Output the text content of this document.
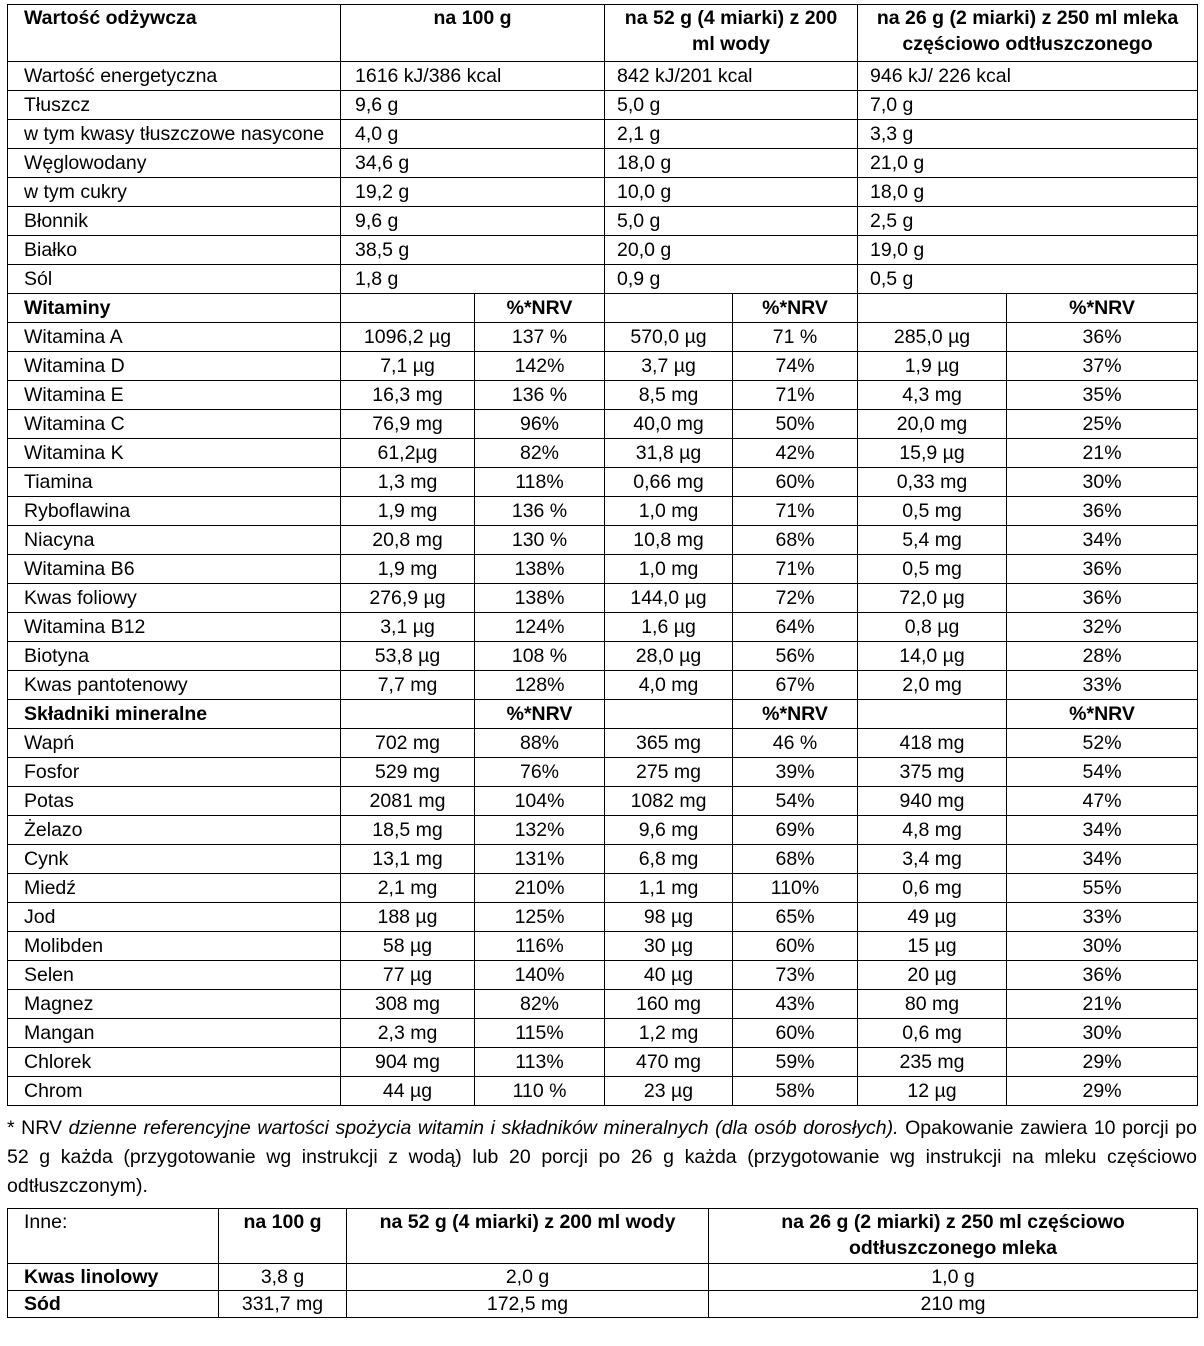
Wartość odżywcza	na 100 g		na 52 g (4 miarki) z 200 ml wody		na 26 g (2 miarki) z 250 ml mleka częściowo odtłuszczonego	
Wartość energetyczna	1616 kJ/386 kcal		842 kJ/201 kcal		946 kJ/ 226 kcal	
Tłuszcz	9,6 g		5,0 g		7,0 g	
w tym kwasy tłuszczowe nasycone	4,0 g		2,1 g		3,3 g	
Węglowodany	34,6 g		18,0 g		21,0 g	
w tym cukry	19,2 g		10,0 g		18,0 g	
Błonnik	9,6 g		5,0 g		2,5 g	
Białko	38,5 g		20,0 g		19,0 g	
Sól	1,8 g		0,9 g		0,5 g	
Witaminy		%*NRV		%*NRV		%*NRV
Witamina A	1096,2 µg	137 %	570,0 µg	71 %	285,0 µg	36%
Witamina D	7,1 µg	142%	3,7 µg	74%	1,9 µg	37%
Witamina E	16,3 mg	136 %	8,5 mg	71%	4,3 mg	35%
Witamina C	76,9 mg	96%	40,0 mg	50%	20,0 mg	25%
Witamina K	61,2µg	82%	31,8 µg	42%	15,9 µg	21%
Tiamina	1,3 mg	118%	0,66 mg	60%	0,33 mg	30%
Ryboflawina	1,9 mg	136 %	1,0 mg	71%	0,5 mg	36%
Niacyna	20,8 mg	130 %	10,8 mg	68%	5,4 mg	34%
Witamina B6	1,9 mg	138%	1,0 mg	71%	0,5 mg	36%
Kwas foliowy	276,9 µg	138%	144,0 µg	72%	72,0 µg	36%
Witamina B12	3,1 µg	124%	1,6 µg	64%	0,8 µg	32%
Biotyna	53,8 µg	108 %	28,0 µg	56%	14,0 µg	28%
Kwas pantotenowy	7,7 mg	128%	4,0 mg	67%	2,0 mg	33%
Składniki mineralne		%*NRV		%*NRV		%*NRV
Wapń	702 mg	88%	365 mg	46 %	418 mg	52%
Fosfor	529 mg	76%	275 mg	39%	375 mg	54%
Potas	2081 mg	104%	1082 mg	54%	940 mg	47%
Żelazo	18,5 mg	132%	9,6 mg	69%	4,8 mg	34%
Cynk	13,1 mg	131%	6,8 mg	68%	3,4 mg	34%
Miedź	2,1 mg	210%	1,1 mg	110%	0,6 mg	55%
Jod	188 µg	125%	98 µg	65%	49 µg	33%
Molibden	58 µg	116%	30 µg	60%	15 µg	30%
Selen	77 µg	140%	40 µg	73%	20 µg	36%
Magnez	308 mg	82%	160 mg	43%	80 mg	21%
Mangan	2,3 mg	115%	1,2 mg	60%	0,6 mg	30%
Chlorek	904 mg	113%	470 mg	59%	235 mg	29%
Chrom	44 µg	110 %	23 µg	58%	12 µg	29%
* NRV dzienne referencyjne wartości spożycia witamin i składników mineralnych (dla osób dorosłych). Opakowanie zawiera 10 porcji po 52 g każda (przygotowanie wg instrukcji z wodą) lub 20 porcji po 26 g każda (przygotowanie wg instrukcji na mleku częściowo odtłuszczonym).
Inne:	na 100 g	na 52 g (4 miarki) z 200 ml wody	na 26 g (2 miarki) z 250 ml częściowo odtłuszczonego mleka
Kwas linolowy	3,8 g	2,0 g	1,0 g
Sód	331,7 mg	172,5 mg	210 mg
